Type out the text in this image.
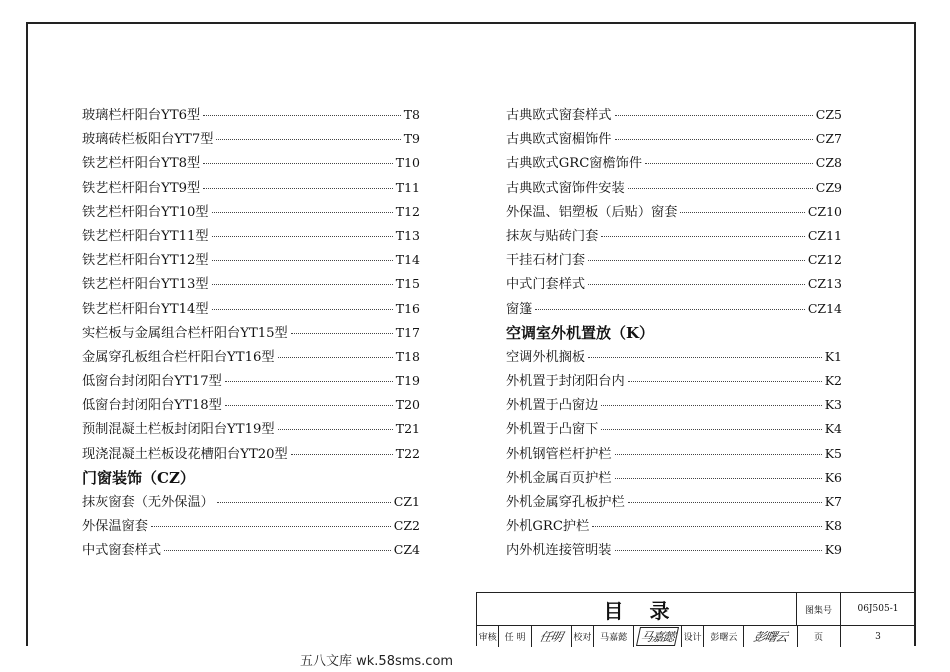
玻璃栏杆阳台YT6型	T8
玻璃砖栏板阳台YT7型	T9
铁艺栏杆阳台YT8型	T10
铁艺栏杆阳台YT9型	T11
铁艺栏杆阳台YT10型	T12
铁艺栏杆阳台YT11型	T13
铁艺栏杆阳台YT12型	T14
铁艺栏杆阳台YT13型	T15
铁艺栏杆阳台YT14型	T16
实栏板与金属组合栏杆阳台YT15型	T17
金属穿孔板组合栏杆阳台YT16型	T18
低窗台封闭阳台YT17型	T19
低窗台封闭阳台YT18型	T20
预制混凝土栏板封闭阳台YT19型	T21
现浇混凝土栏板设花槽阳台YT20型	T22
门窗装饰（CZ）
抹灰窗套（无外保温）	CZ1
外保温窗套	CZ2
中式窗套样式	CZ4
古典欧式窗套样式	CZ5
古典欧式窗楣饰件	CZ7
古典欧式GRC窗檐饰件	CZ8
古典欧式窗饰件安装	CZ9
外保温、铝塑板（后贴）窗套	CZ10
抹灰与贴砖门套	CZ11
干挂石材门套	CZ12
中式门套样式	CZ13
窗篷	CZ14
空调室外机置放（K）
空调外机搁板	K1
外机置于封闭阳台内	K2
外机置于凸窗边	K3
外机置于凸窗下	K4
外机钢管栏杆护栏	K5
外机金属百页护栏	K6
外机金属穿孔板护栏	K7
外机GRC护栏	K8
内外机连接管明装	K9
目录	图集号	06J505-1
页	3
审核 任 明	任明 校对 马嘉懿	马嘉懿 设计 彭曙云	彭曙云
五八文库 wk.58sms.com
